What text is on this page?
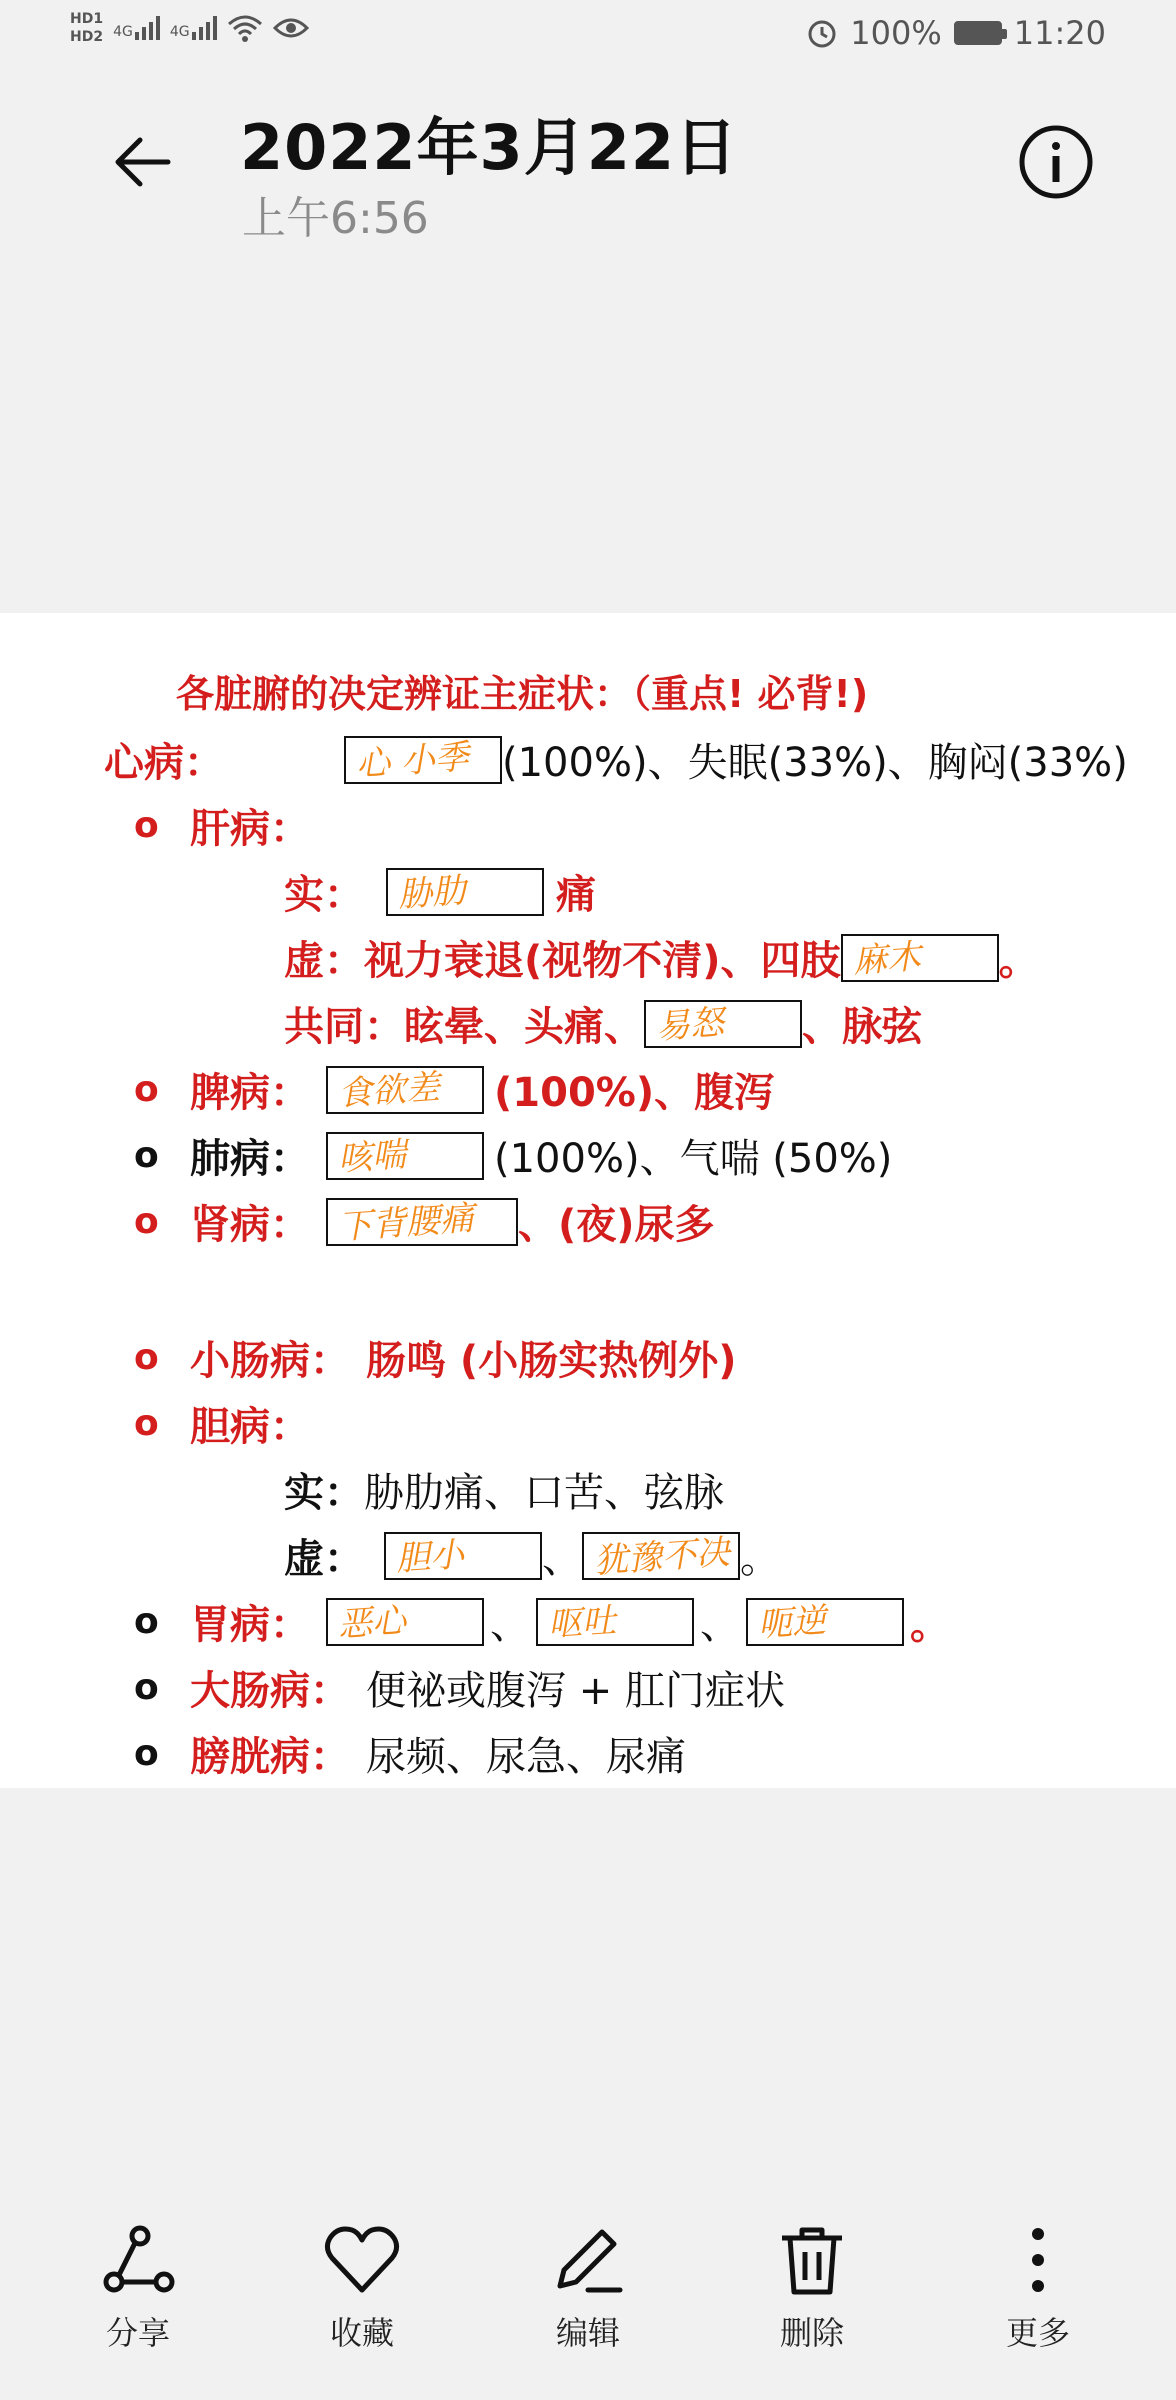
HD1
HD2 4G	4G	100% 11:20
2022年3月22日
上午6:56
各脏腑的决定辨证主症状：（重点! 必背!)
心病：	心 小季 (100%)、失眠(33%)、胸闷(33%)
o 肝病：
实： 胁肋	痛
虚： 视力衰退(视物不清)、四肢 麻木	。
共同： 眩晕、头痛、 易怒	、脉弦
o 脾病： 食欲差	(100%)、腹泻
o 肺病： 咳喘	(100%)、气喘 (50%)
o 肾病： 下背腰痛	、(夜)尿多
o 小肠病： 肠鸣 (小肠实热例外)
o 胆病：
实： 胁肋痛、口苦、弦脉
虚： 胆小	、 犹豫不决 。
o 胃病： 恶心	、 呕吐	、 呃逆	。
o 大肠病： 便祕或腹泻 + 肛门症状
o 膀胱病： 尿频、尿急、尿痛
分享	收藏	编辑	删除	更多
